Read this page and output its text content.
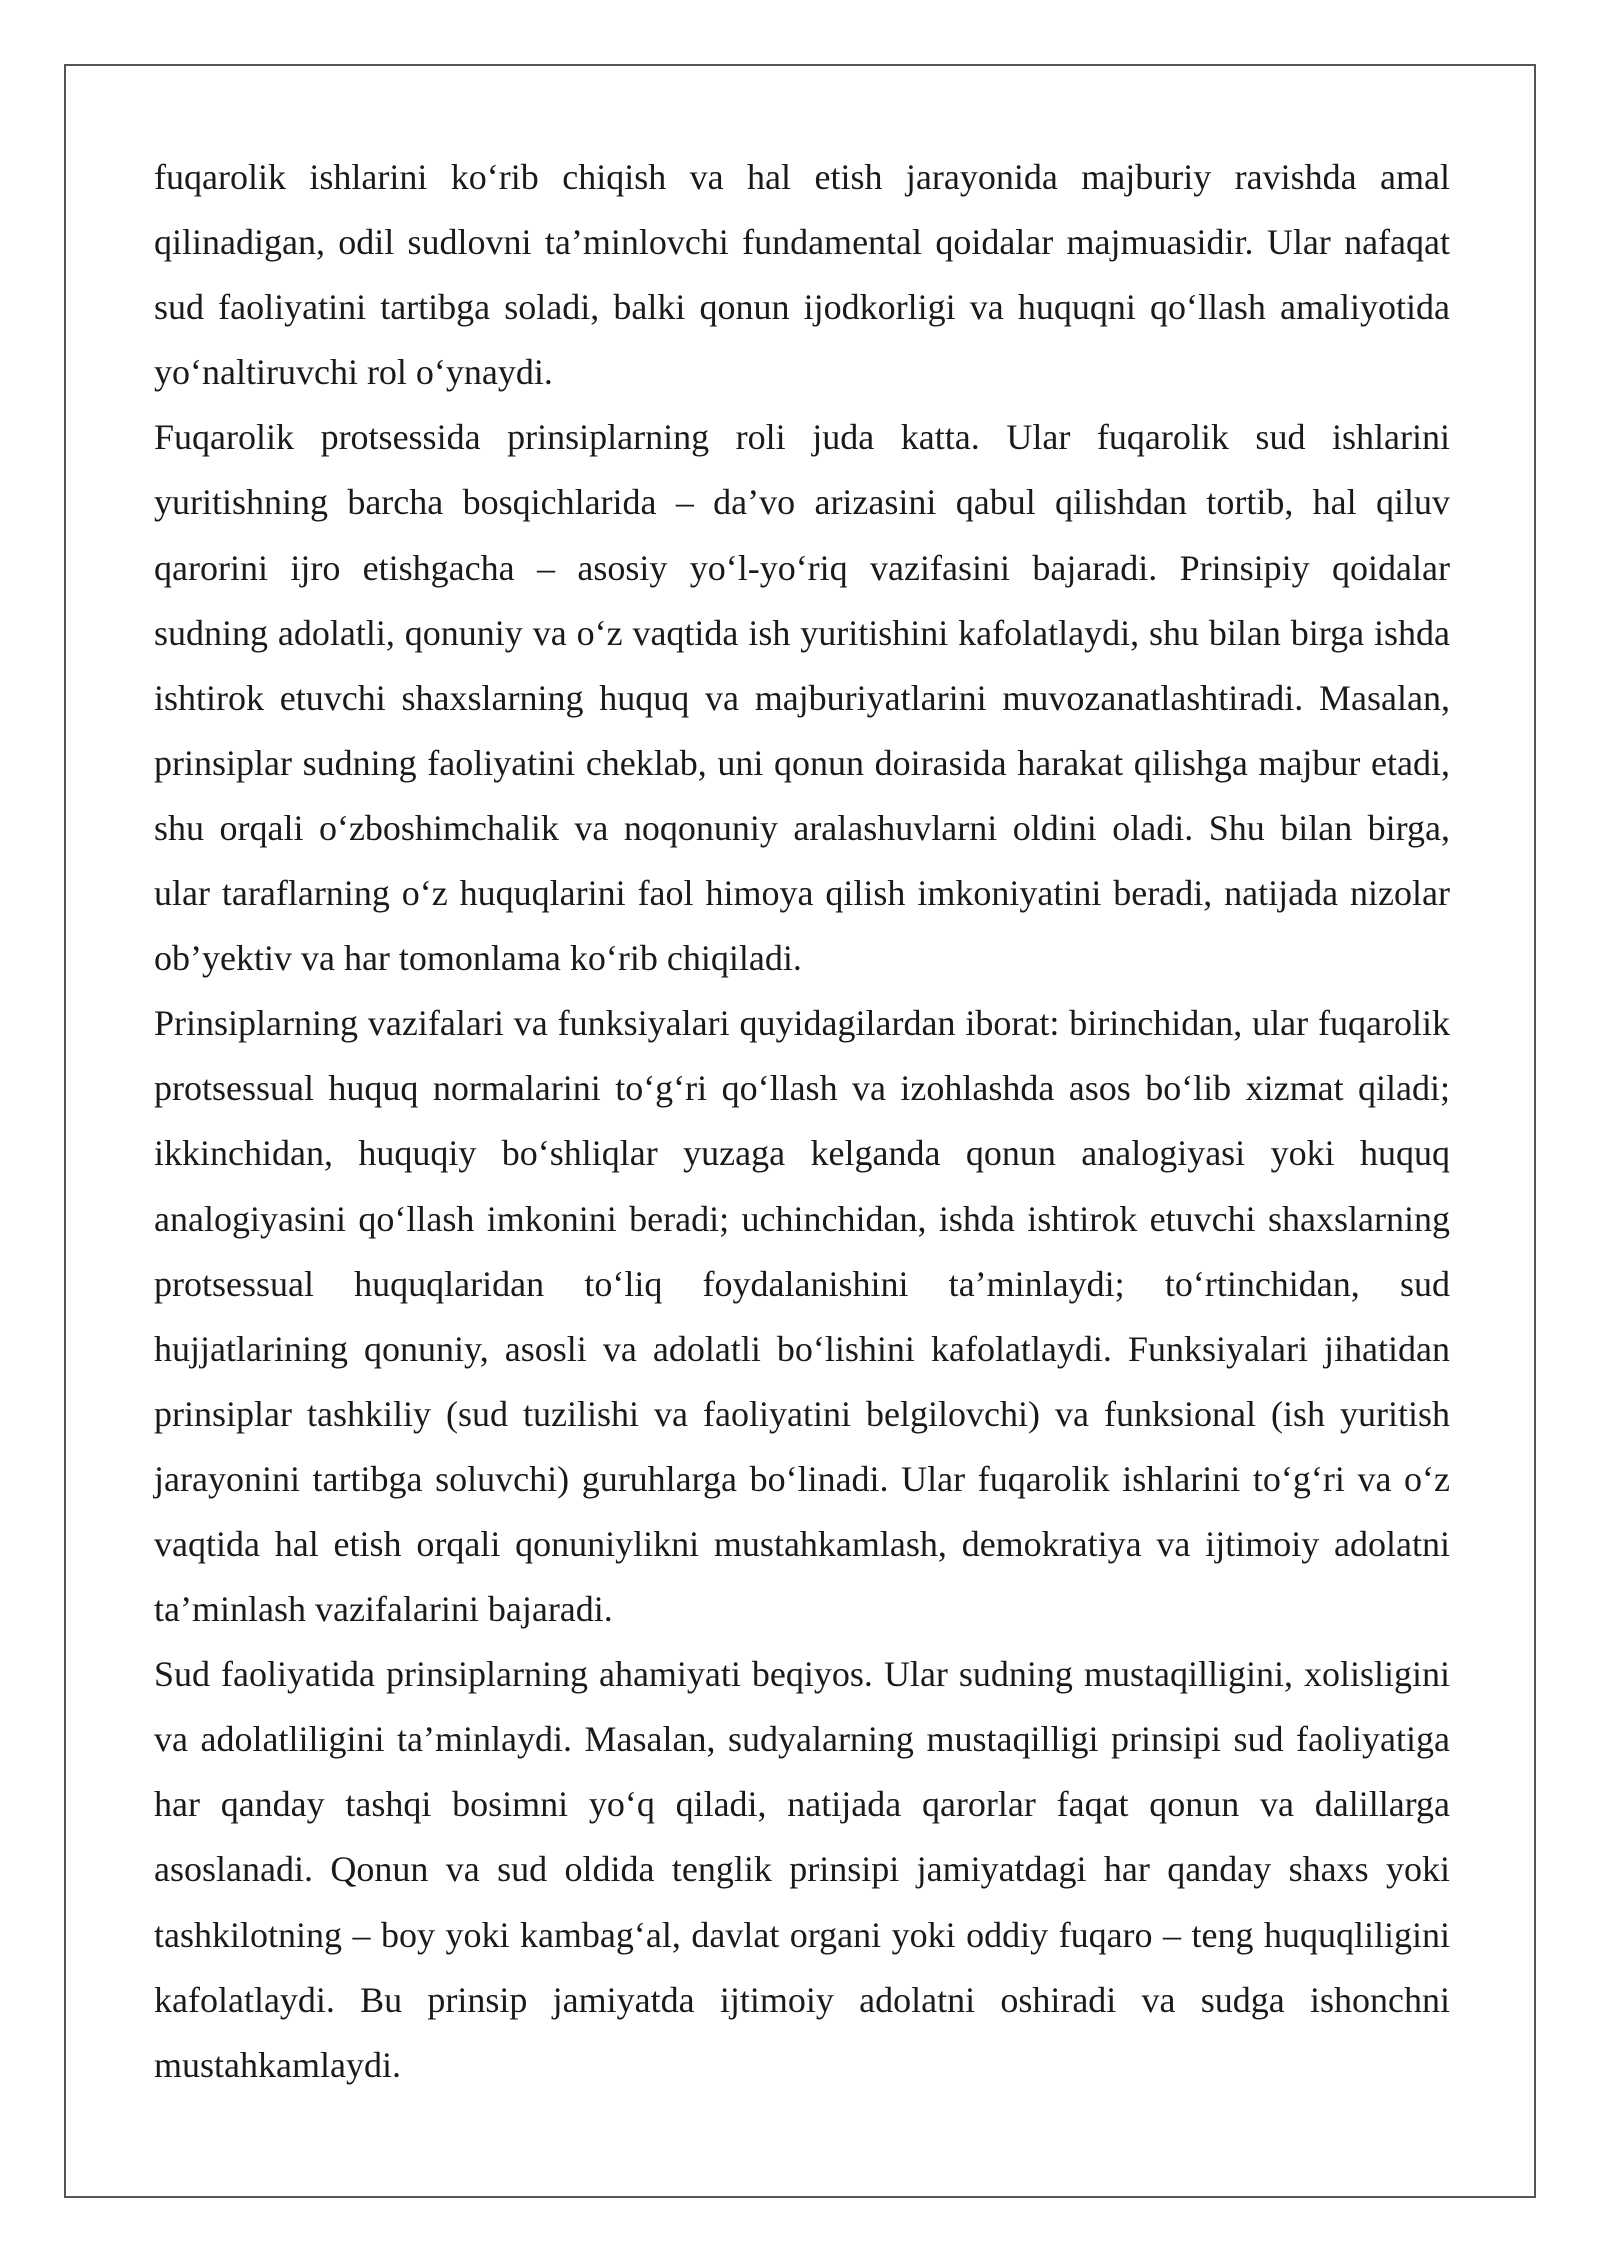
fuqarolik ishlarini ko‘rib chiqish va hal etish jarayonida majburiy ravishda amal qilinadigan, odil sudlovni ta’minlovchi fundamental qoidalar majmuasidir. Ular nafaqat sud faoliyatini tartibga soladi, balki qonun ijodkorligi va huquqni qo‘llash amaliyotida yo‘naltiruvchi rol o‘ynaydi.

Fuqarolik protsessida prinsiplarning roli juda katta. Ular fuqarolik sud ishlarini yuritishning barcha bosqichlarida – da’vo arizasini qabul qilishdan tortib, hal qiluv qarorini ijro etishgacha – asosiy yo‘l-yo‘riq vazifasini bajaradi. Prinsipiy qoidalar sudning adolatli, qonuniy va o‘z vaqtida ish yuritishini kafolatlaydi, shu bilan birga ishda ishtirok etuvchi shaxslarning huquq va majburiyatlarini muvozanatlashtiradi. Masalan, prinsiplar sudning faoliyatini cheklab, uni qonun doirasida harakat qilishga majbur etadi, shu orqali o‘zboshimchalik va noqonuniy aralashuvlarni oldini oladi. Shu bilan birga, ular taraflarning o‘z huquqlarini faol himoya qilish imkoniyatini beradi, natijada nizolar ob’yektiv va har tomonlama ko‘rib chiqiladi.

Prinsiplarning vazifalari va funksiyalari quyidagilardan iborat: birinchidan, ular fuqarolik protsessual huquq normalarini to‘g‘ri qo‘llash va izohlashda asos bo‘lib xizmat qiladi; ikkinchidan, huquqiy bo‘shliqlar yuzaga kelganda qonun analogiyasi yoki huquq analogiyasini qo‘llash imkonini beradi; uchinchidan, ishda ishtirok etuvchi shaxslarning protsessual huquqlaridan to‘liq foydalanishini ta’minlaydi; to‘rtinchidan, sud hujjatlarining qonuniy, asosli va adolatli bo‘lishini kafolatlaydi. Funksiyalari jihatidan prinsiplar tashkiliy (sud tuzilishi va faoliyatini belgilovchi) va funksional (ish yuritish jarayonini tartibga soluvchi) guruhlarga bo‘linadi. Ular fuqarolik ishlarini to‘g‘ri va o‘z vaqtida hal etish orqali qonuniylikni mustahkamlash, demokratiya va ijtimoiy adolatni ta’minlash vazifalarini bajaradi.

Sud faoliyatida prinsiplarning ahamiyati beqiyos. Ular sudning mustaqilligini, xolisligini va adolatliligini ta’minlaydi. Masalan, sudyalarning mustaqilligi prinsipi sud faoliyatiga har qanday tashqi bosimni yo‘q qiladi, natijada qarorlar faqat qonun va dalillarga asoslanadi. Qonun va sud oldida tenglik prinsipi jamiyatdagi har qanday shaxs yoki tashkilotning – boy yoki kambag‘al, davlat organi yoki oddiy fuqaro – teng huquqliligini kafolatlaydi. Bu prinsip jamiyatda ijtimoiy adolatni oshiradi va sudga ishonchni mustahkamlaydi.
